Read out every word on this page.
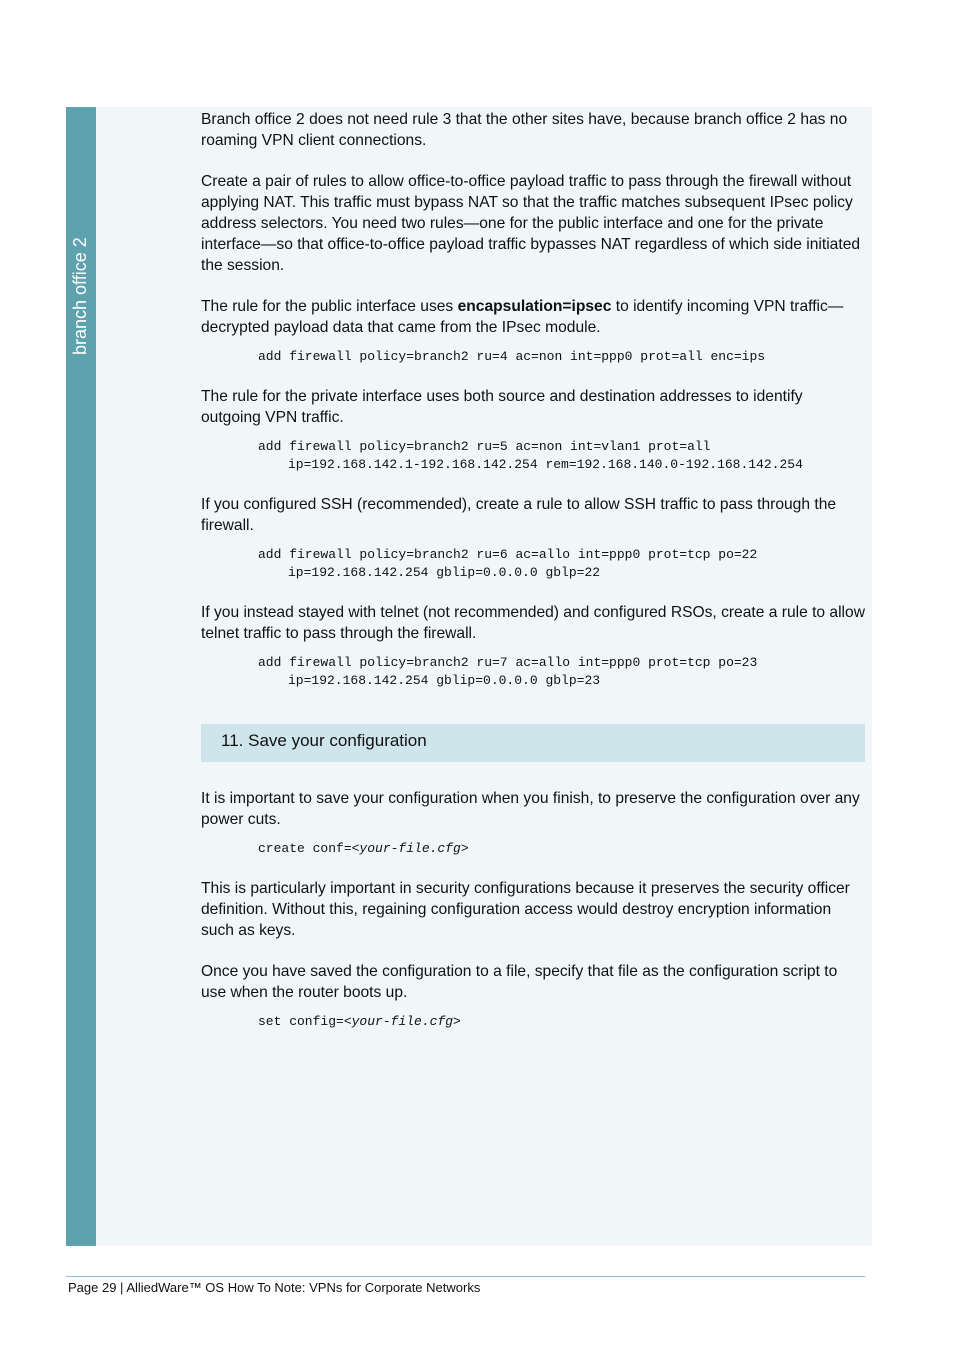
branch office 2

Branch office 2 does not need rule 3 that the other sites have, because branch office 2 has no roaming VPN client connections.

Create a pair of rules to allow office-to-office payload traffic to pass through the firewall without applying NAT. This traffic must bypass NAT so that the traffic matches subsequent IPsec policy address selectors. You need two rules—one for the public interface and one for the private interface—so that office-to-office payload traffic bypasses NAT regardless of which side initiated the session.

The rule for the public interface uses encapsulation=ipsec to identify incoming VPN traffic—decrypted payload data that came from the IPsec module.

add firewall policy=branch2 ru=4 ac=non int=ppp0 prot=all enc=ips

The rule for the private interface uses both source and destination addresses to identify outgoing VPN traffic.

add firewall policy=branch2 ru=5 ac=non int=vlan1 prot=all
ip=192.168.142.1-192.168.142.254 rem=192.168.140.0-192.168.142.254

If you configured SSH (recommended), create a rule to allow SSH traffic to pass through the firewall.

add firewall policy=branch2 ru=6 ac=allo int=ppp0 prot=tcp po=22
ip=192.168.142.254 gblip=0.0.0.0 gblp=22

If you instead stayed with telnet (not recommended) and configured RSOs, create a rule to allow telnet traffic to pass through the firewall.

add firewall policy=branch2 ru=7 ac=allo int=ppp0 prot=tcp po=23
ip=192.168.142.254 gblip=0.0.0.0 gblp=23
11. Save your configuration

It is important to save your configuration when you finish, to preserve the configuration over any power cuts.

create conf=<your-file.cfg>

This is particularly important in security configurations because it preserves the security officer definition. Without this, regaining configuration access would destroy encryption information such as keys.

Once you have saved the configuration to a file, specify that file as the configuration script to use when the router boots up.

set config=<your-file.cfg>
Page 29 | AlliedWare™ OS How To Note: VPNs for Corporate Networks
